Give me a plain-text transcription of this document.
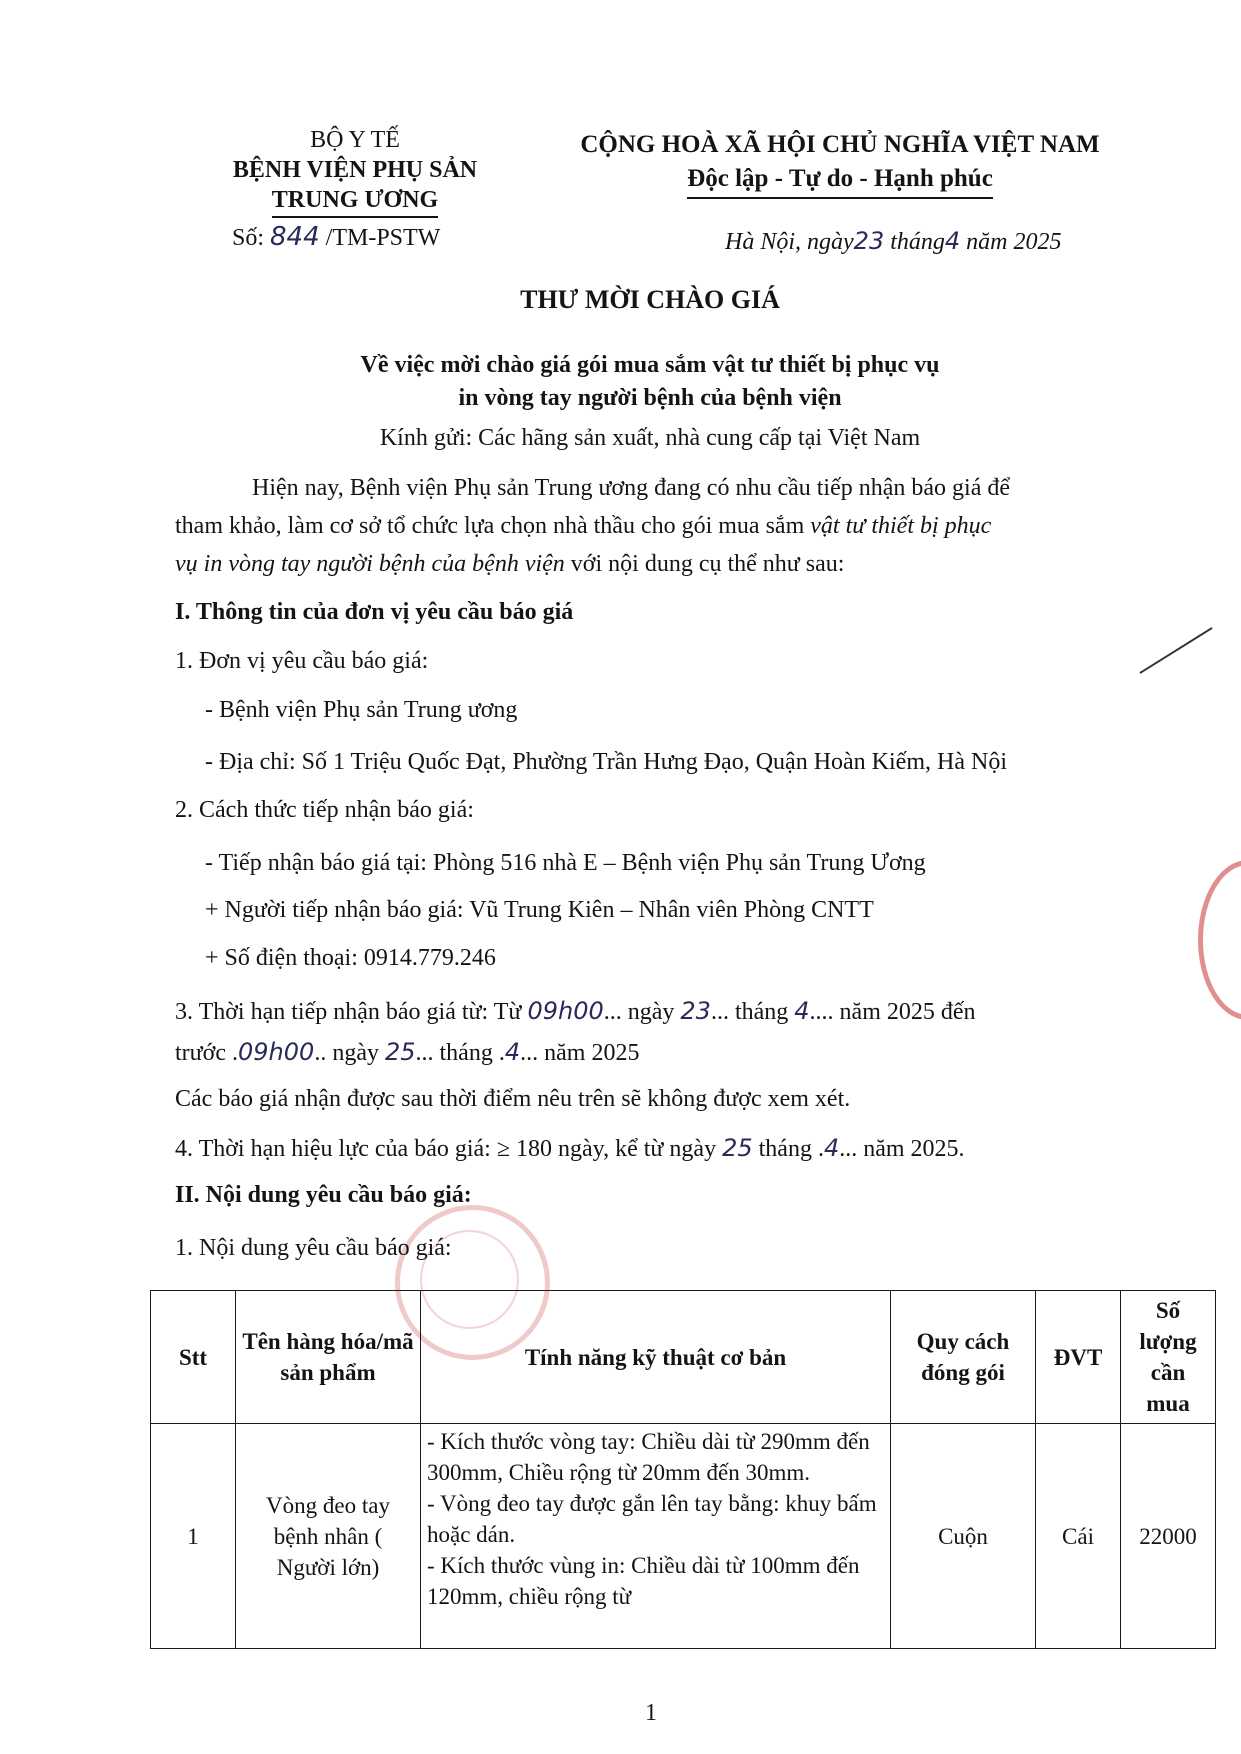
BỘ Y TẾ
BỆNH VIỆN PHỤ SẢN
TRUNG ƯƠNG
Số: 844 /TM-PSTW
CỘNG HOÀ XÃ HỘI CHỦ NGHĨA VIỆT NAM
Độc lập - Tự do - Hạnh phúc
Hà Nội, ngày23 tháng4 năm 2025
THƯ MỜI CHÀO GIÁ
Về việc mời chào giá gói mua sắm vật tư thiết bị phục vụ
in vòng tay người bệnh của bệnh viện
Kính gửi: Các hãng sản xuất, nhà cung cấp tại Việt Nam
Hiện nay, Bệnh viện Phụ sản Trung ương đang có nhu cầu tiếp nhận báo giá để
tham khảo, làm cơ sở tổ chức lựa chọn nhà thầu cho gói mua sắm vật tư thiết bị phục
vụ in vòng tay người bệnh của bệnh viện với nội dung cụ thể như sau:
I. Thông tin của đơn vị yêu cầu báo giá
1. Đơn vị yêu cầu báo giá:
- Bệnh viện Phụ sản Trung ương
- Địa chỉ: Số 1 Triệu Quốc Đạt, Phường Trần Hưng Đạo, Quận Hoàn Kiếm, Hà Nội
2. Cách thức tiếp nhận báo giá:
- Tiếp nhận báo giá tại: Phòng 516 nhà E – Bệnh viện Phụ sản Trung Ương
+ Người tiếp nhận báo giá: Vũ Trung Kiên – Nhân viên Phòng CNTT
+ Số điện thoại: 0914.779.246
3. Thời hạn tiếp nhận báo giá từ: Từ 09h00... ngày 23... tháng 4.... năm 2025 đến
trước .09h00.. ngày 25... tháng .4... năm 2025
Các báo giá nhận được sau thời điểm nêu trên sẽ không được xem xét.
4. Thời hạn hiệu lực của báo giá: ≥ 180 ngày, kể từ ngày 25 tháng .4... năm 2025.
II. Nội dung yêu cầu báo giá:
1. Nội dung yêu cầu báo giá:
Stt	Tên hàng hóa/mã sản phẩm	Tính năng kỹ thuật cơ bản	Quy cách đóng gói	ĐVT	Số lượng cần mua
1	Vòng đeo tay bệnh nhân ( Người lớn)	- Kích thước vòng tay: Chiều dài từ 290mm đến 300mm, Chiều rộng từ 20mm đến 30mm.
- Vòng đeo tay được gắn lên tay bằng: khuy bấm hoặc dán.
- Kích thước vùng in: Chiều dài từ 100mm đến 120mm, chiều rộng từ	Cuộn	Cái	22000
1
